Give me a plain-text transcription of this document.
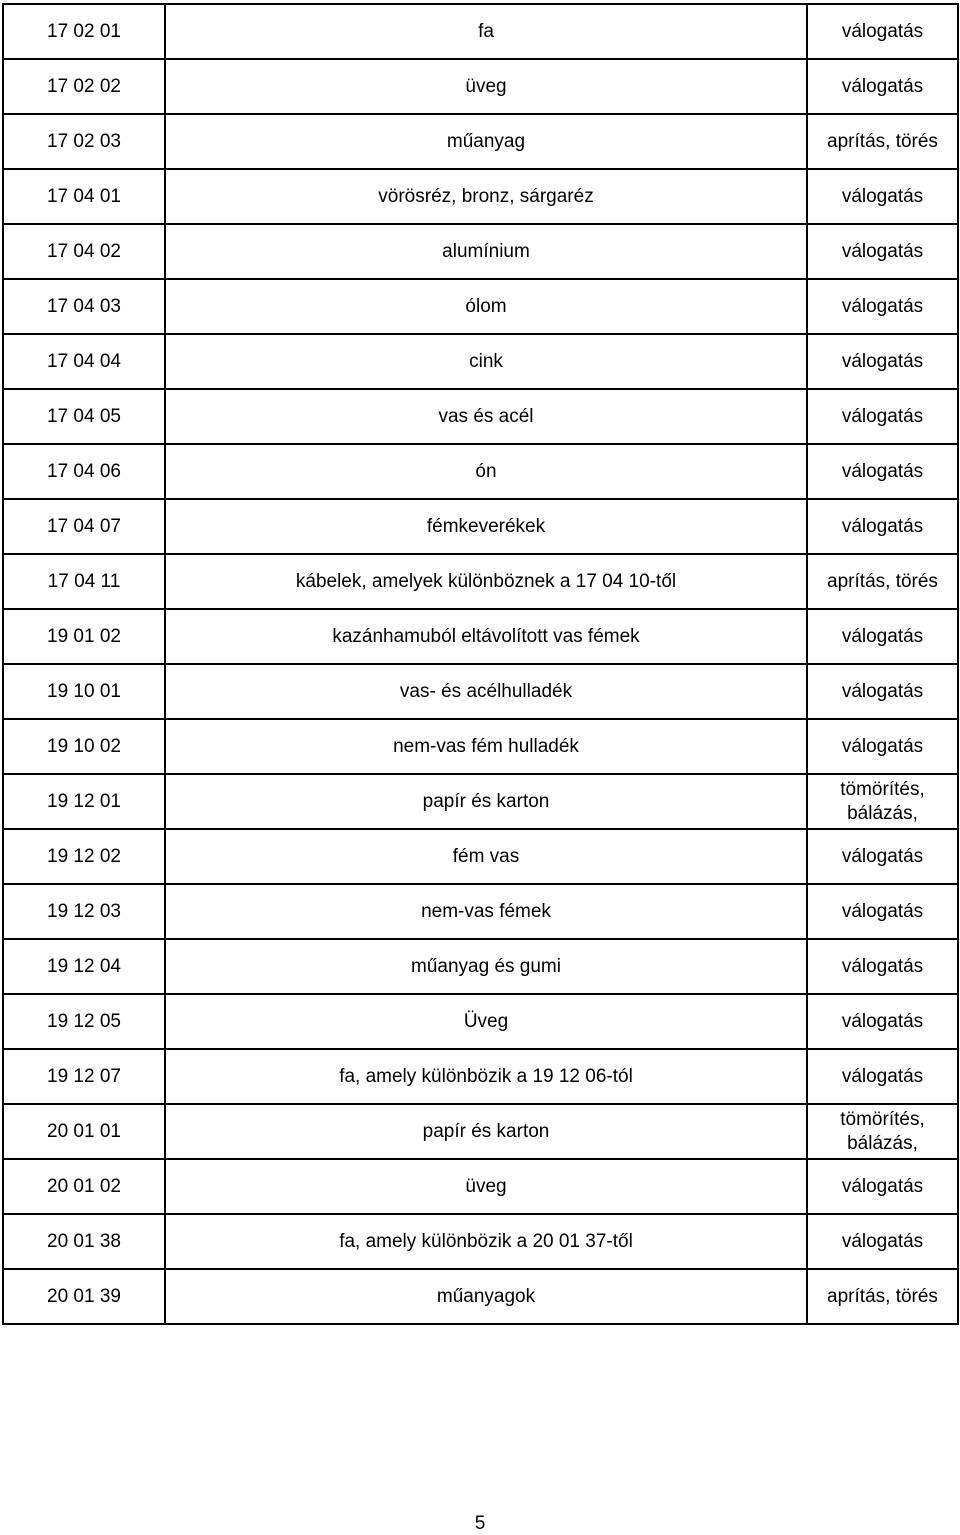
17 02 01	fa	válogatás
17 02 02	üveg	válogatás
17 02 03	műanyag	aprítás, törés
17 04 01	vörösréz, bronz, sárgaréz	válogatás
17 04 02	alumínium	válogatás
17 04 03	ólom	válogatás
17 04 04	cink	válogatás
17 04 05	vas és acél	válogatás
17 04 06	ón	válogatás
17 04 07	fémkeverékek	válogatás
17 04 11	kábelek, amelyek különböznek a 17 04 10-től	aprítás, törés
19 01 02	kazánhamuból eltávolított vas fémek	válogatás
19 10 01	vas- és acélhulladék	válogatás
19 10 02	nem-vas fém hulladék	válogatás
19 12 01	papír és karton	tömörítés,
bálázás,
19 12 02	fém vas	válogatás
19 12 03	nem-vas fémek	válogatás
19 12 04	műanyag és gumi	válogatás
19 12 05	Üveg	válogatás
19 12 07	fa, amely különbözik a 19 12 06-tól	válogatás
20 01 01	papír és karton	tömörítés,
bálázás,
20 01 02	üveg	válogatás
20 01 38	fa, amely különbözik a 20 01 37-től	válogatás
20 01 39	műanyagok	aprítás, törés
5
